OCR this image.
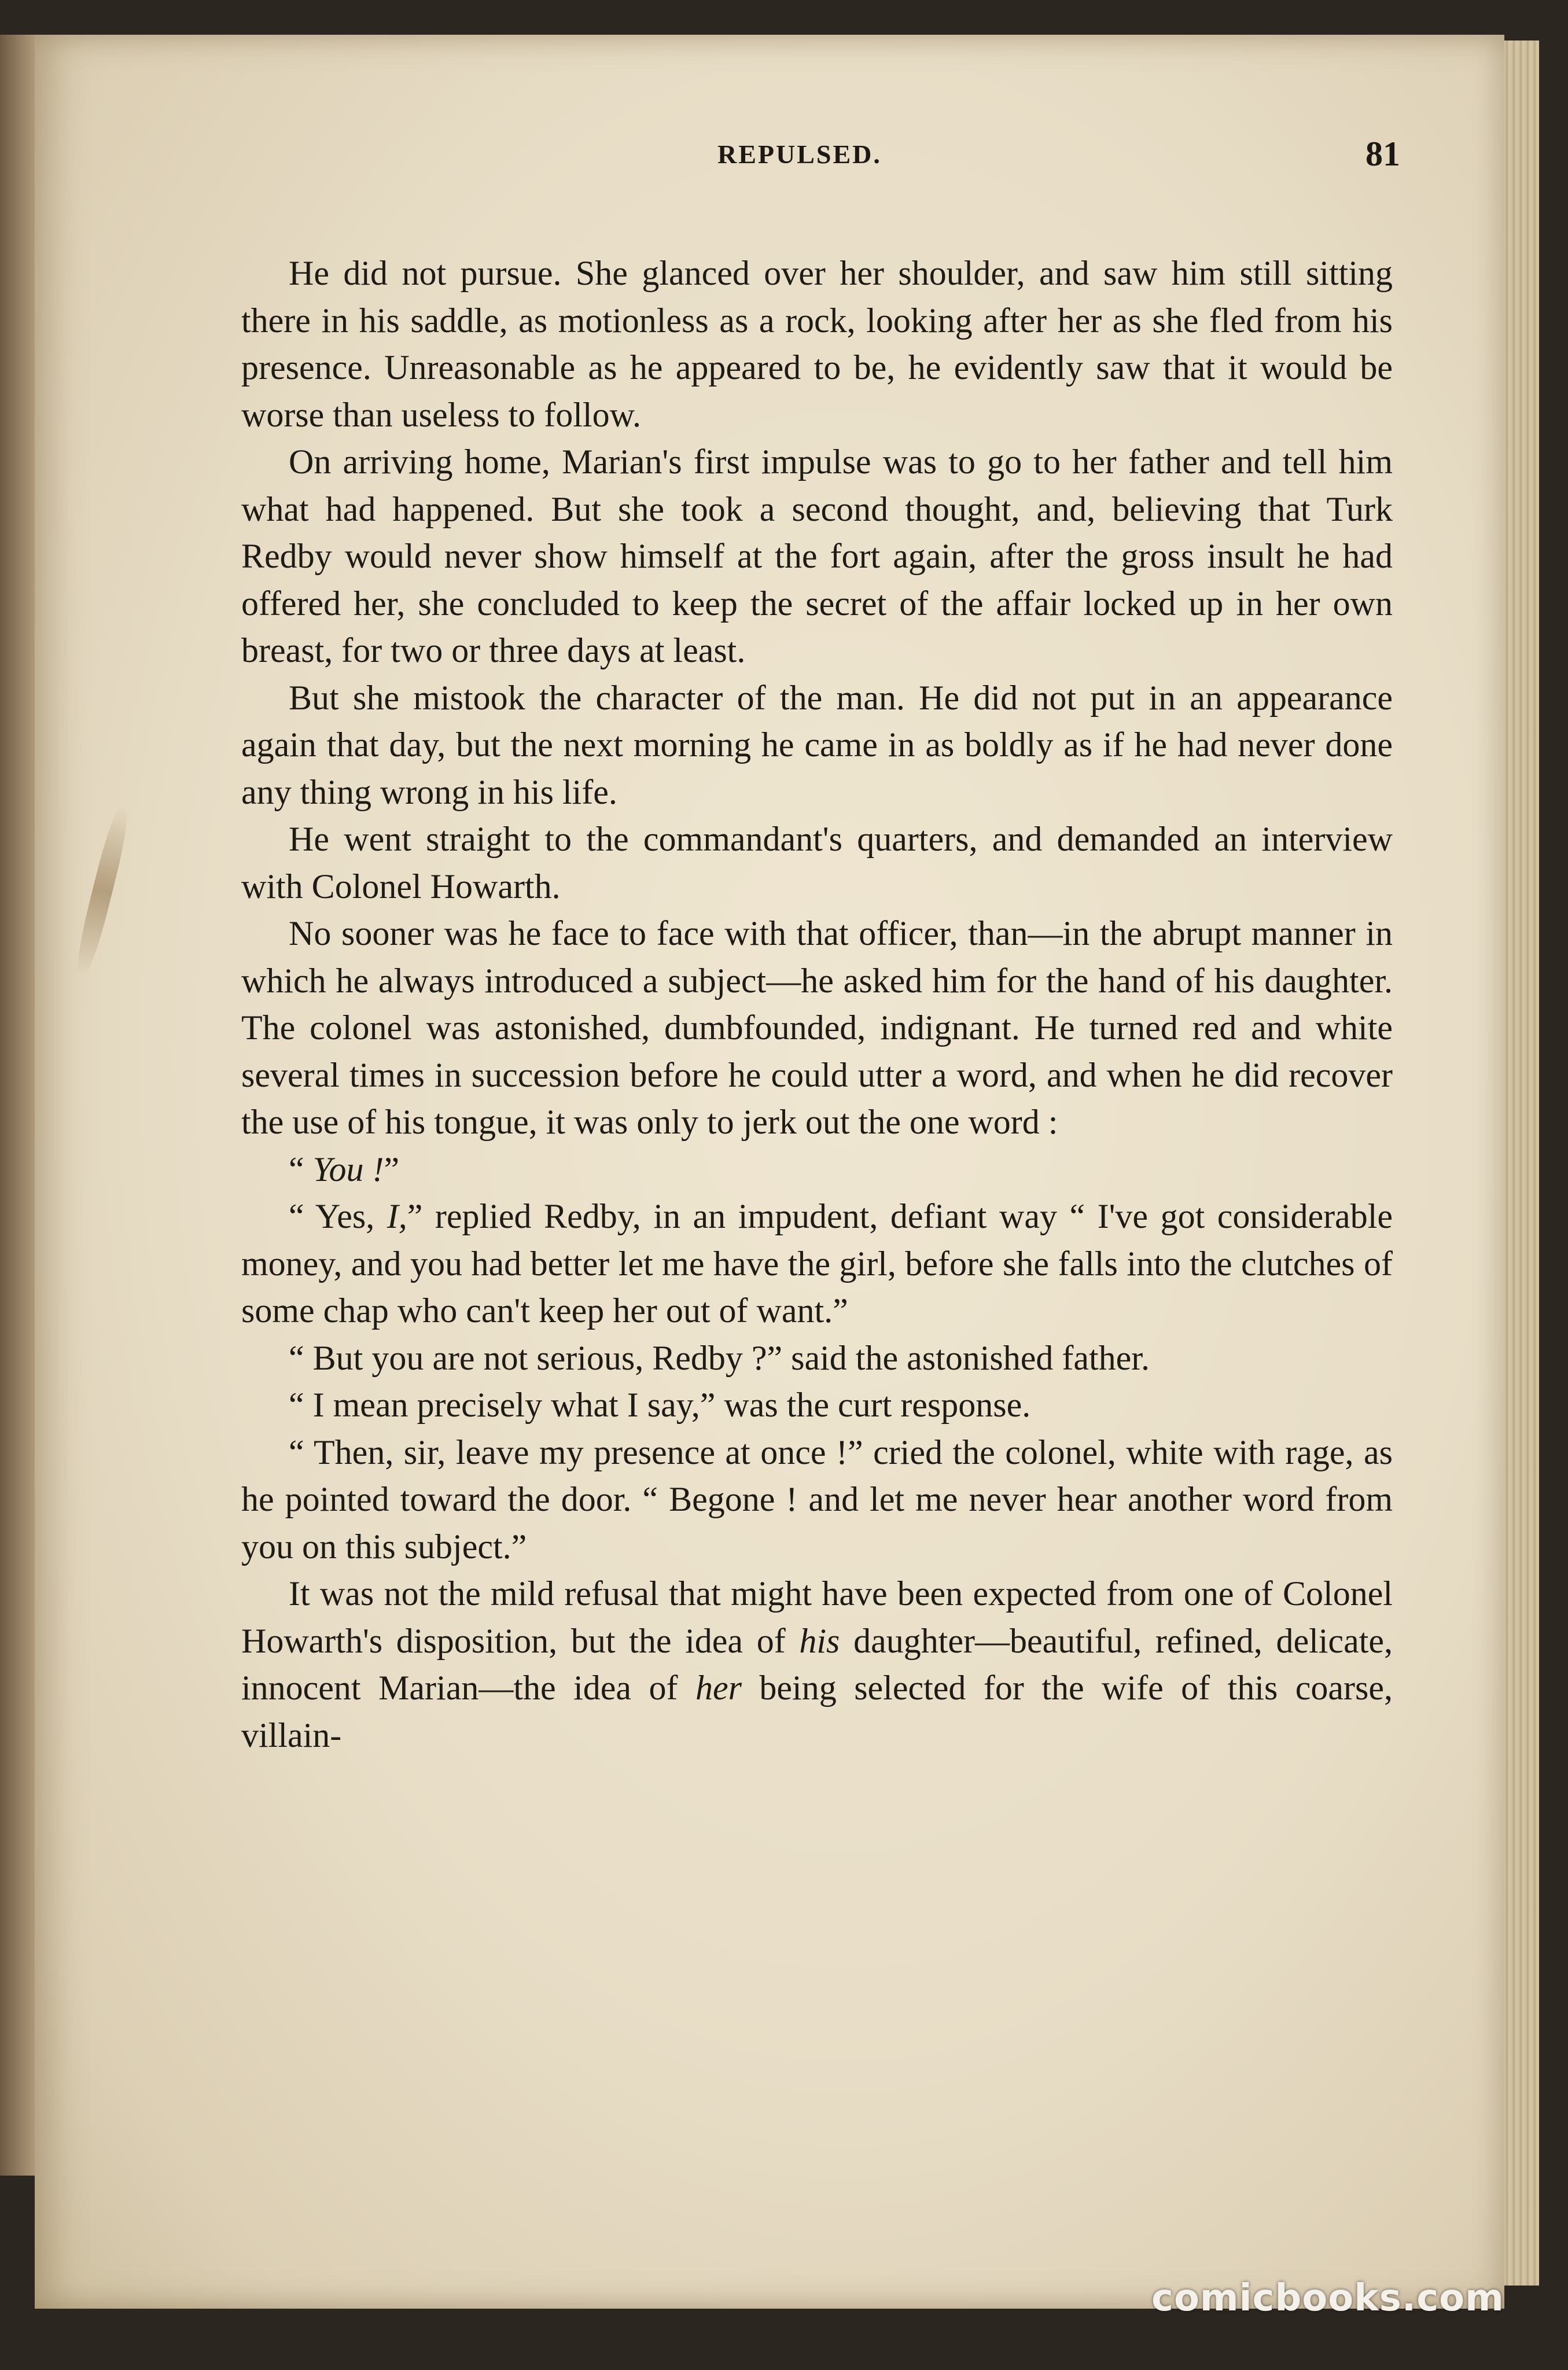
REPULSED.	81

He did not pursue. She glanced over her shoulder, and saw him still sitting there in his saddle, as motionless as a rock, looking after her as she fled from his presence. Unreasonable as he appeared to be, he evidently saw that it would be worse than useless to follow.

On arriving home, Marian's first impulse was to go to her father and tell him what had happened. But she took a second thought, and, believing that Turk Redby would never show himself at the fort again, after the gross insult he had offered her, she concluded to keep the secret of the affair locked up in her own breast, for two or three days at least.

But she mistook the character of the man. He did not put in an appearance again that day, but the next morning he came in as boldly as if he had never done any thing wrong in his life.

He went straight to the commandant's quarters, and demanded an interview with Colonel Howarth.

No sooner was he face to face with that officer, than—in the abrupt manner in which he always introduced a subject—he asked him for the hand of his daughter. The colonel was astonished, dumbfounded, indignant. He turned red and white several times in succession before he could utter a word, and when he did recover the use of his tongue, it was only to jerk out the one word :

“ You !”

“ Yes, I,” replied Redby, in an impudent, defiant way “ I've got considerable money, and you had better let me have the girl, before she falls into the clutches of some chap who can't keep her out of want.”

“ But you are not serious, Redby ?” said the astonished father.

“ I mean precisely what I say,” was the curt response.

“ Then, sir, leave my presence at once !” cried the colonel, white with rage, as he pointed toward the door. “ Begone ! and let me never hear another word from you on this subject.”

It was not the mild refusal that might have been expected from one of Colonel Howarth's disposition, but the idea of his daughter—beautiful, refined, delicate, innocent Marian—the idea of her being selected for the wife of this coarse, villain-

comicbooks.com
